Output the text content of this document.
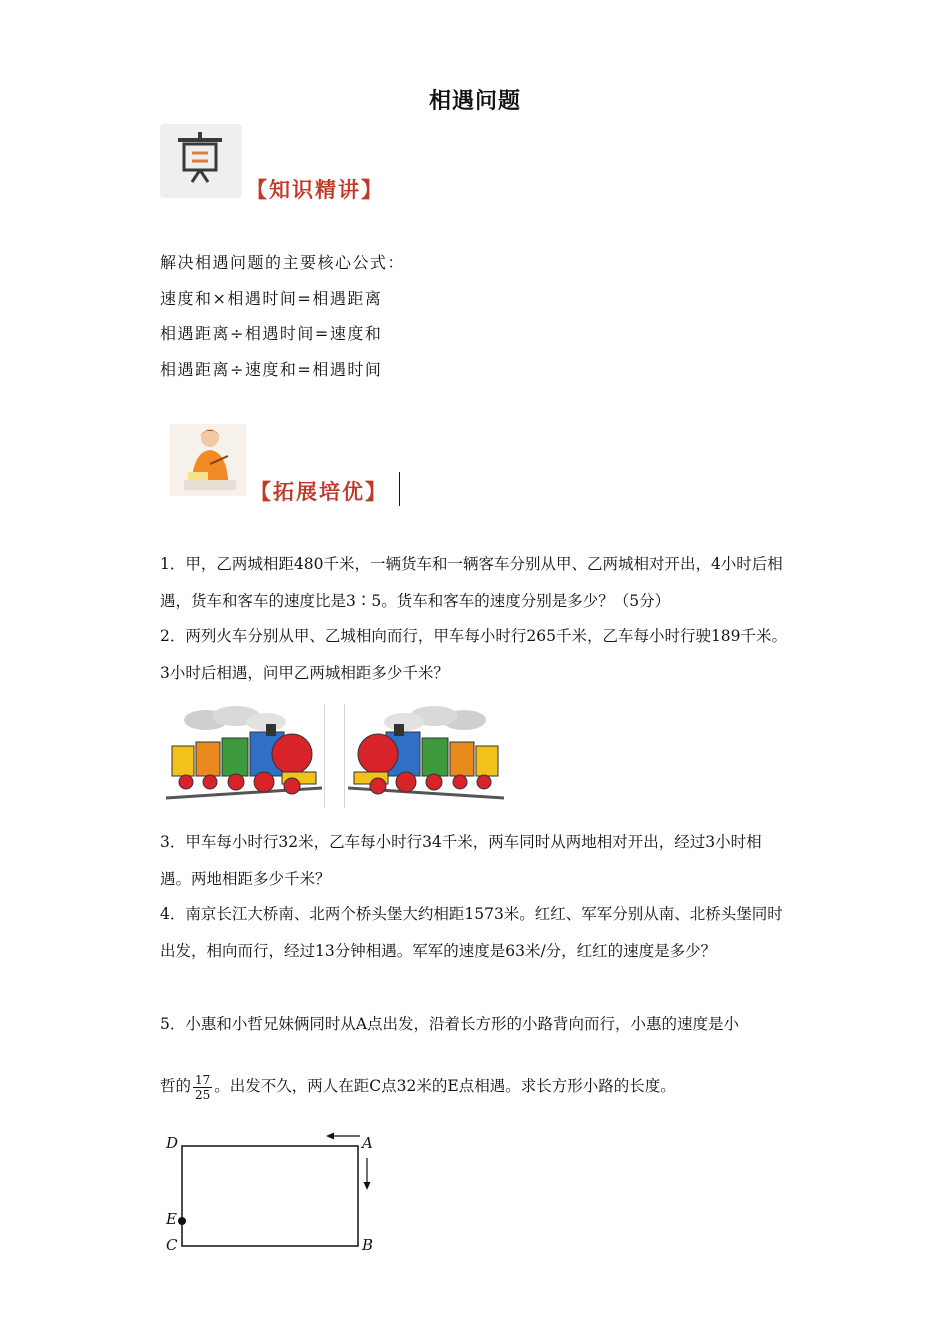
相遇问题
【知识精讲】
解决相遇问题的主要核心公式：
速度和×相遇时间=相遇距离
相遇距离÷相遇时间=速度和
相遇距离÷速度和=相遇时间
【拓展培优】
1．甲，乙两城相距480千米，一辆货车和一辆客车分别从甲、乙两城相对开出，4小时后相遇，货车和客车的速度比是3∶5。货车和客车的速度分别是多少？（5分）
2．两列火车分别从甲、乙城相向而行，甲车每小时行265千米，乙车每小时行驶189千米。3小时后相遇，问甲乙两城相距多少千米？
3．甲车每小时行32米，乙车每小时行34千米，两车同时从两地相对开出，经过3小时相遇。两地相距多少千米？
4．南京长江大桥南、北两个桥头堡大约相距1573米。红红、军军分别从南、北桥头堡同时出发，相向而行，经过13分钟相遇。军军的速度是63米/分，红红的速度是多少？
5．小惠和小哲兄妹俩同时从A点出发，沿着长方形的小路背向而行，小惠的速度是小
哲的 $\frac{17}{25}$ 。出发不久，两人在距C点32米的E点相遇。求长方形小路的长度。
D	A
E
C	B
